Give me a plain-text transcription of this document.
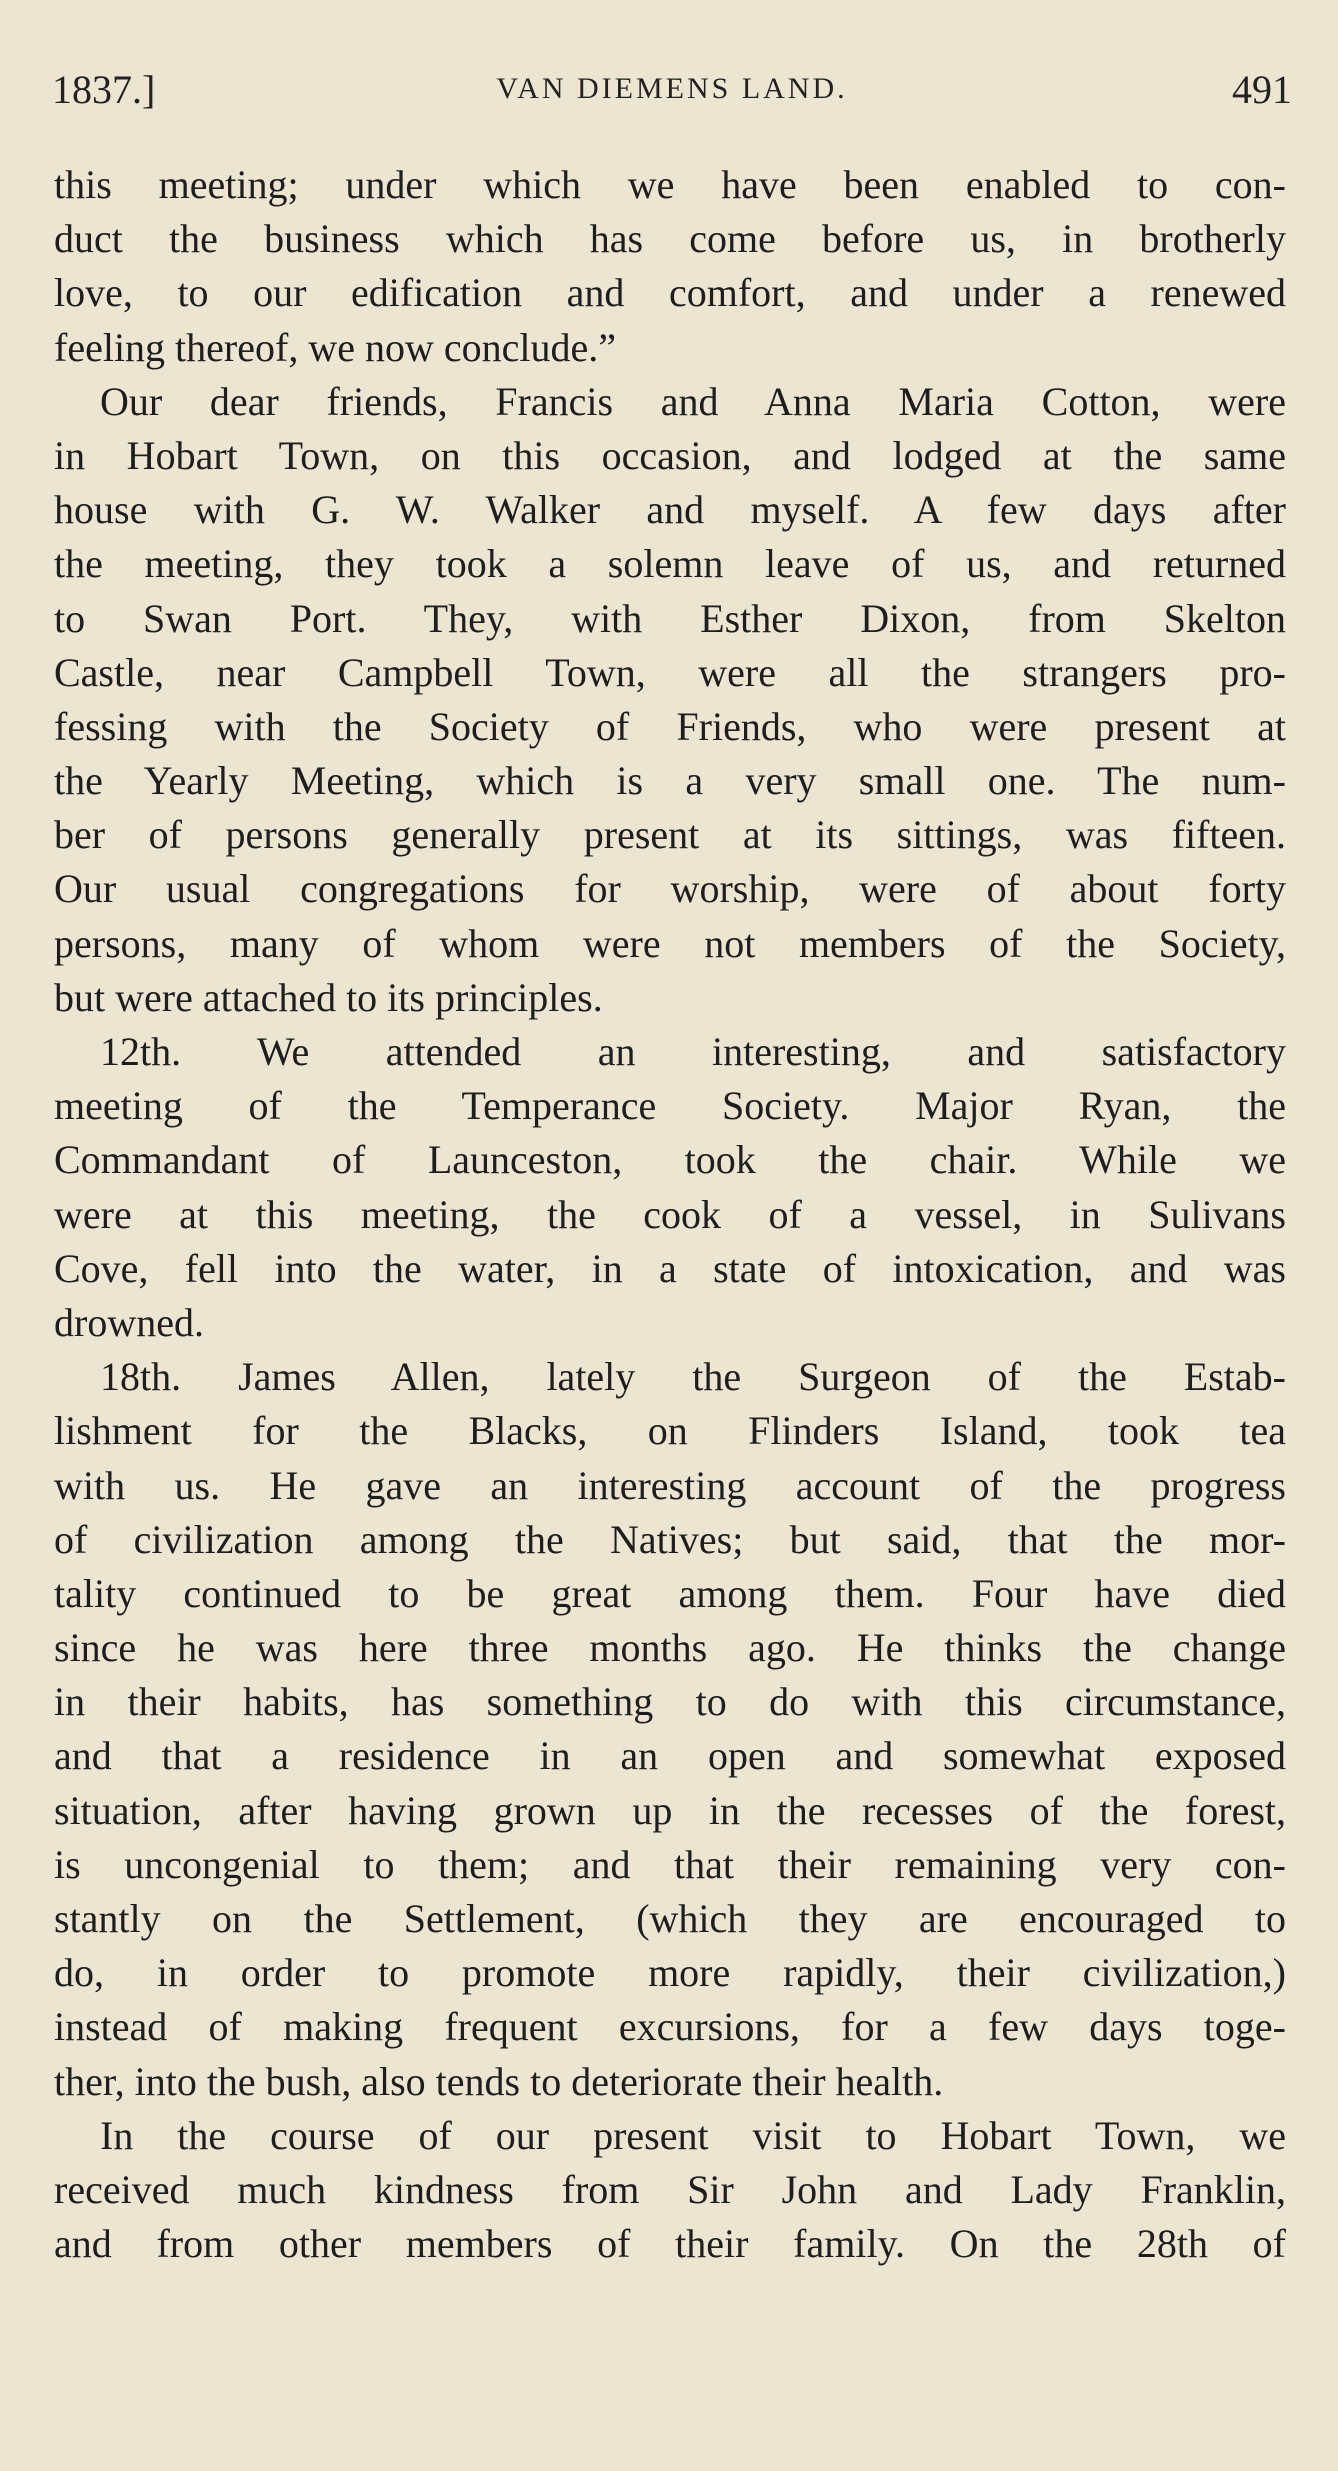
1837.]	VAN DIEMENS LAND.	491
this meeting; under which we have been enabled to con-
duct the business which has come before us, in brotherly
love, to our edification and comfort, and under a renewed
feeling thereof, we now conclude.”
Our dear friends, Francis and Anna Maria Cotton, were
in Hobart Town, on this occasion, and lodged at the same
house with G. W. Walker and myself. A few days after
the meeting, they took a solemn leave of us, and returned
to Swan Port. They, with Esther Dixon, from Skelton
Castle, near Campbell Town, were all the strangers pro-
fessing with the Society of Friends, who were present at
the Yearly Meeting, which is a very small one. The num-
ber of persons generally present at its sittings, was fifteen.
Our usual congregations for worship, were of about forty
persons, many of whom were not members of the Society,
but were attached to its principles.
12th. We attended an interesting, and satisfactory
meeting of the Temperance Society. Major Ryan, the
Commandant of Launceston, took the chair. While we
were at this meeting, the cook of a vessel, in Sulivans
Cove, fell into the water, in a state of intoxication, and was
drowned.
18th. James Allen, lately the Surgeon of the Estab-
lishment for the Blacks, on Flinders Island, took tea
with us. He gave an interesting account of the progress
of civilization among the Natives; but said, that the mor-
tality continued to be great among them. Four have died
since he was here three months ago. He thinks the change
in their habits, has something to do with this circumstance,
and that a residence in an open and somewhat exposed
situation, after having grown up in the recesses of the forest,
is uncongenial to them; and that their remaining very con-
stantly on the Settlement, (which they are encouraged to
do, in order to promote more rapidly, their civilization,)
instead of making frequent excursions, for a few days toge-
ther, into the bush, also tends to deteriorate their health.
In the course of our present visit to Hobart Town, we
received much kindness from Sir John and Lady Franklin,
and from other members of their family. On the 28th of
